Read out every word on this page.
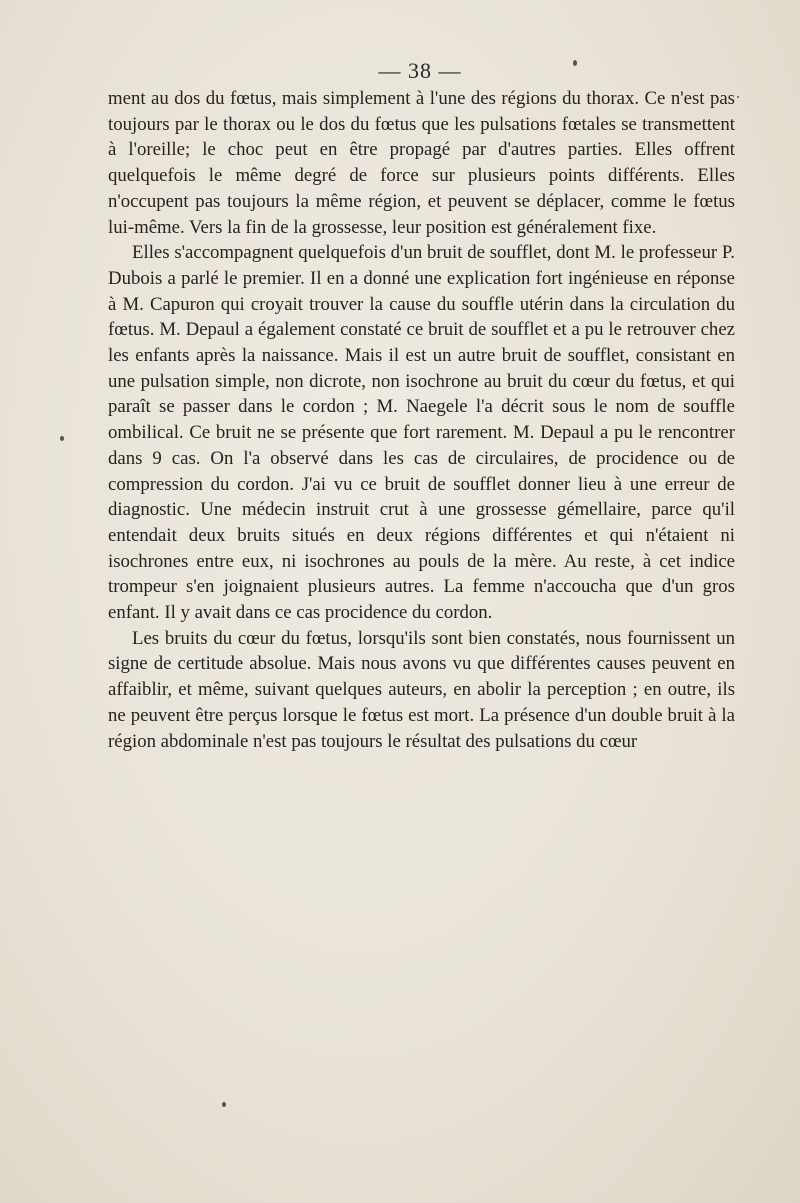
— 38 —

ment au dos du fœtus, mais simplement à l'une des régions du thorax. Ce n'est pas toujours par le thorax ou le dos du fœtus que les pulsations fœtales se transmettent à l'oreille; le choc peut en être propagé par d'autres parties. Elles offrent quelquefois le même degré de force sur plusieurs points différents. Elles n'occupent pas toujours la même région, et peuvent se déplacer, comme le fœtus lui-même. Vers la fin de la grossesse, leur position est généralement fixe.

Elles s'accompagnent quelquefois d'un bruit de soufflet, dont M. le professeur P. Dubois a parlé le premier. Il en a donné une explication fort ingénieuse en réponse à M. Capuron qui croyait trouver la cause du souffle utérin dans la circulation du fœtus. M. Depaul a également constaté ce bruit de soufflet et a pu le retrouver chez les enfants après la naissance. Mais il est un autre bruit de soufflet, consistant en une pulsation simple, non dicrote, non isochrone au bruit du cœur du fœtus, et qui paraît se passer dans le cordon ; M. Naegele l'a décrit sous le nom de souffle ombilical. Ce bruit ne se présente que fort rarement. M. Depaul a pu le rencontrer dans 9 cas. On l'a observé dans les cas de circulaires, de procidence ou de compression du cordon. J'ai vu ce bruit de soufflet donner lieu à une erreur de diagnostic. Une médecin instruit crut à une grossesse gémellaire, parce qu'il entendait deux bruits situés en deux régions différentes et qui n'étaient ni isochrones entre eux, ni isochrones au pouls de la mère. Au reste, à cet indice trompeur s'en joignaient plusieurs autres. La femme n'accoucha que d'un gros enfant. Il y avait dans ce cas procidence du cordon.

Les bruits du cœur du fœtus, lorsqu'ils sont bien constatés, nous fournissent un signe de certitude absolue. Mais nous avons vu que différentes causes peuvent en affaiblir, et même, suivant quelques auteurs, en abolir la perception ; en outre, ils ne peuvent être perçus lorsque le fœtus est mort. La présence d'un double bruit à la région abdominale n'est pas toujours le résultat des pulsations du cœur
